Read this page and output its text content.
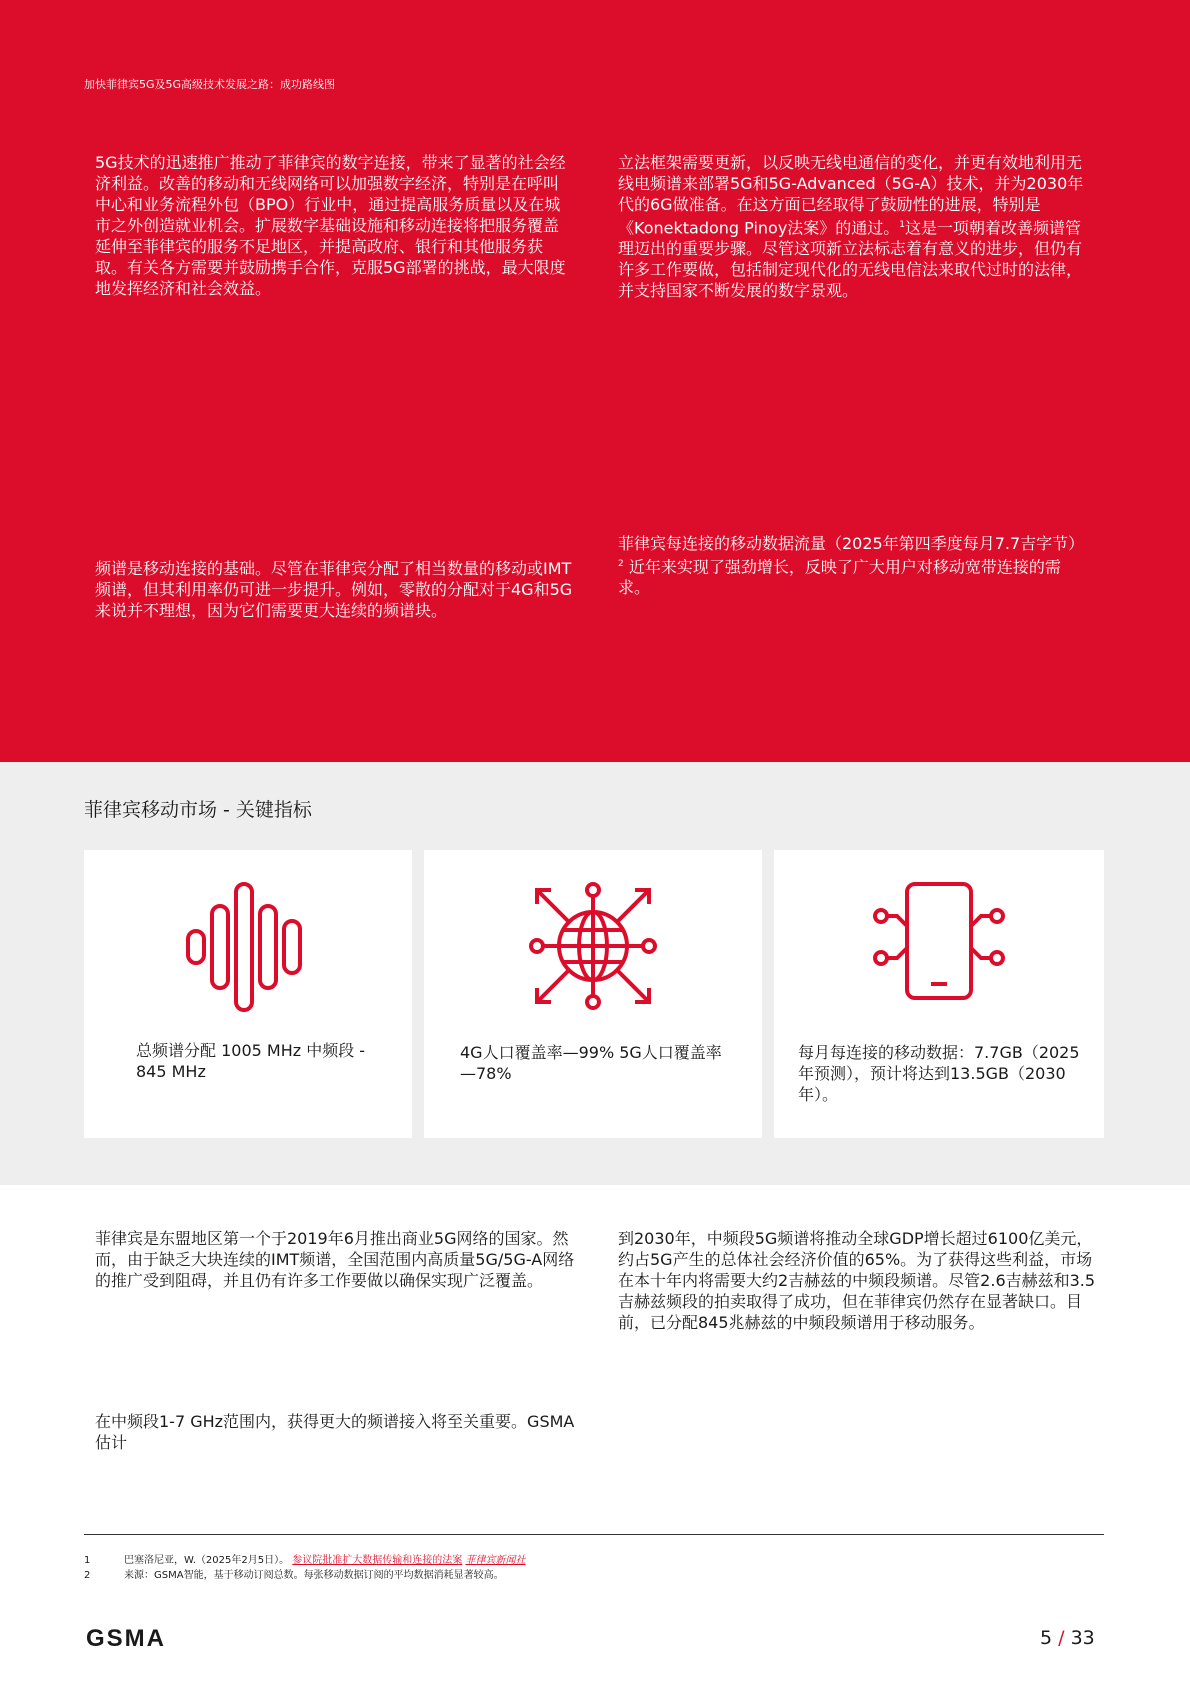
加快菲律宾5G及5G高级技术发展之路：成功路线图

5G技术的迅速推广推动了菲律宾的数字连接，带来了显著的社会经济利益。改善的移动和无线网络可以加强数字经济，特别是在呼叫中心和业务流程外包（BPO）行业中，通过提高服务质量以及在城市之外创造就业机会。扩展数字基础设施和移动连接将把服务覆盖延伸至菲律宾的服务不足地区，并提高政府、银行和其他服务获取。有关各方需要并鼓励携手合作，克服5G部署的挑战，最大限度地发挥经济和社会效益。

立法框架需要更新，以反映无线电通信的变化，并更有效地利用无线电频谱来部署5G和5G-Advanced（5G-A）技术，并为2030年代的6G做准备。在这方面已经取得了鼓励性的进展，特别是《Konektadong Pinoy法案》的通过。$^1$这是一项朝着改善频谱管理迈出的重要步骤。尽管这项新立法标志着有意义的进步，但仍有许多工作要做，包括制定现代化的无线电信法来取代过时的法律，并支持国家不断发展的数字景观。

菲律宾每连接的移动数据流量（2025年第四季度每月7.7吉字节）$^2$ 近年来实现了强劲增长，反映了广大用户对移动宽带连接的需求。

频谱是移动连接的基础。尽管在菲律宾分配了相当数量的移动或IMT频谱，但其利用率仍可进一步提升。例如，零散的分配对于4G和5G来说并不理想，因为它们需要更大连续的频谱块。

菲律宾移动市场 - 关键指标
总频谱分配 1005 MHz 中频段 - 845 MHz
4G人口覆盖率—99% 5G人口覆盖率—78%
每月每连接的移动数据：7.7GB（2025年预测），预计将达到13.5GB（2030年）。

菲律宾是东盟地区第一个于2019年6月推出商业5G网络的国家。然而，由于缺乏大块连续的IMT频谱，全国范围内高质量5G/5G-A网络的推广受到阻碍，并且仍有许多工作要做以确保实现广泛覆盖。

在中频段1-7 GHz范围内，获得更大的频谱接入将至关重要。GSMA估计

到2030年，中频段5G频谱将推动全球GDP增长超过6100亿美元，约占5G产生的总体社会经济价值的65%。为了获得这些利益，市场在本十年内将需要大约2吉赫兹的中频段频谱。尽管2.6吉赫兹和3.5吉赫兹频段的拍卖取得了成功，但在菲律宾仍然存在显著缺口。目前，已分配845兆赫兹的中频段频谱用于移动服务。

1	巴塞洛尼亚，W.（2025年2月5日）。 参议院批准扩大数据传输和连接的法案 菲律宾新闻社
2	来源：GSMA智能，基于移动订阅总数。每张移动数据订阅的平均数据消耗显著较高。
GSMA	5 / 33
